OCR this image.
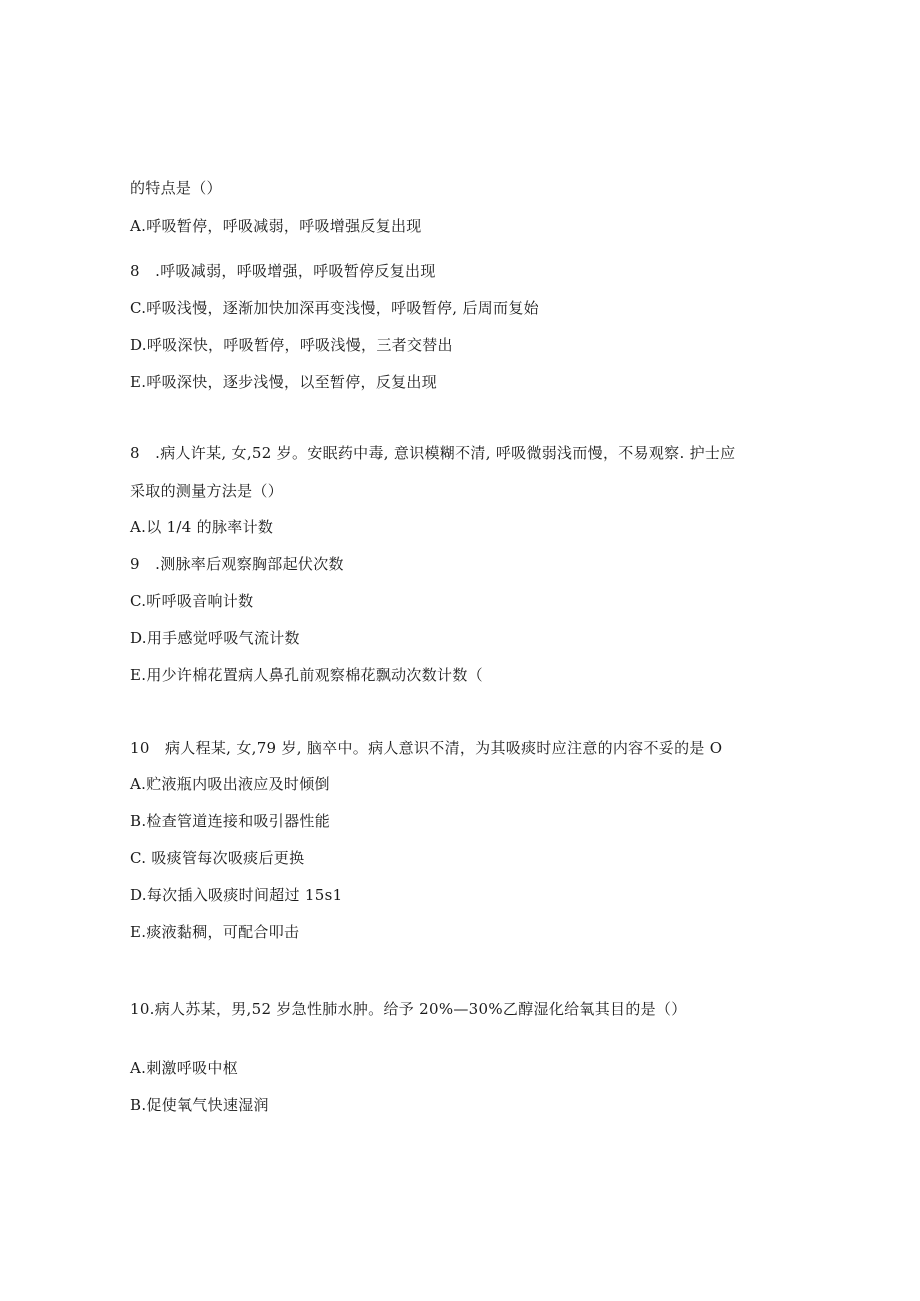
的特点是（）
A.呼吸暂停，呼吸减弱，呼吸增强反复出现
8　.呼吸减弱，呼吸增强，呼吸暂停反复出现
C.呼吸浅慢，逐渐加快加深再变浅慢，呼吸暂停, 后周而复始
D.呼吸深快，呼吸暂停，呼吸浅慢，三者交替出
E.呼吸深快，逐步浅慢，以至暂停，反复出现
8　.病人许某, 女,52 岁。安眠药中毒, 意识模糊不清, 呼吸微弱浅而慢，不易观察. 护士应
采取的测量方法是（）
A.以 1/4 的脉率计数
9　.测脉率后观察胸部起伏次数
C.听呼吸音响计数
D.用手感觉呼吸气流计数
E.用少许棉花置病人鼻孔前观察棉花飘动次数计数（
10　病人程某, 女,79 岁, 脑卒中。病人意识不清，为其吸痰时应注意的内容不妥的是 O
A.贮液瓶内吸出液应及时倾倒
B.检查管道连接和吸引器性能
C. 吸痰管每次吸痰后更换
D.每次插入吸痰时间超过 15s1
E.痰液黏稠，可配合叩击
10.病人苏某，男,52 岁急性肺水肿。给予 20%—30%乙醇湿化给氧其目的是（）
A.刺激呼吸中枢
B.促使氧气快速湿润
